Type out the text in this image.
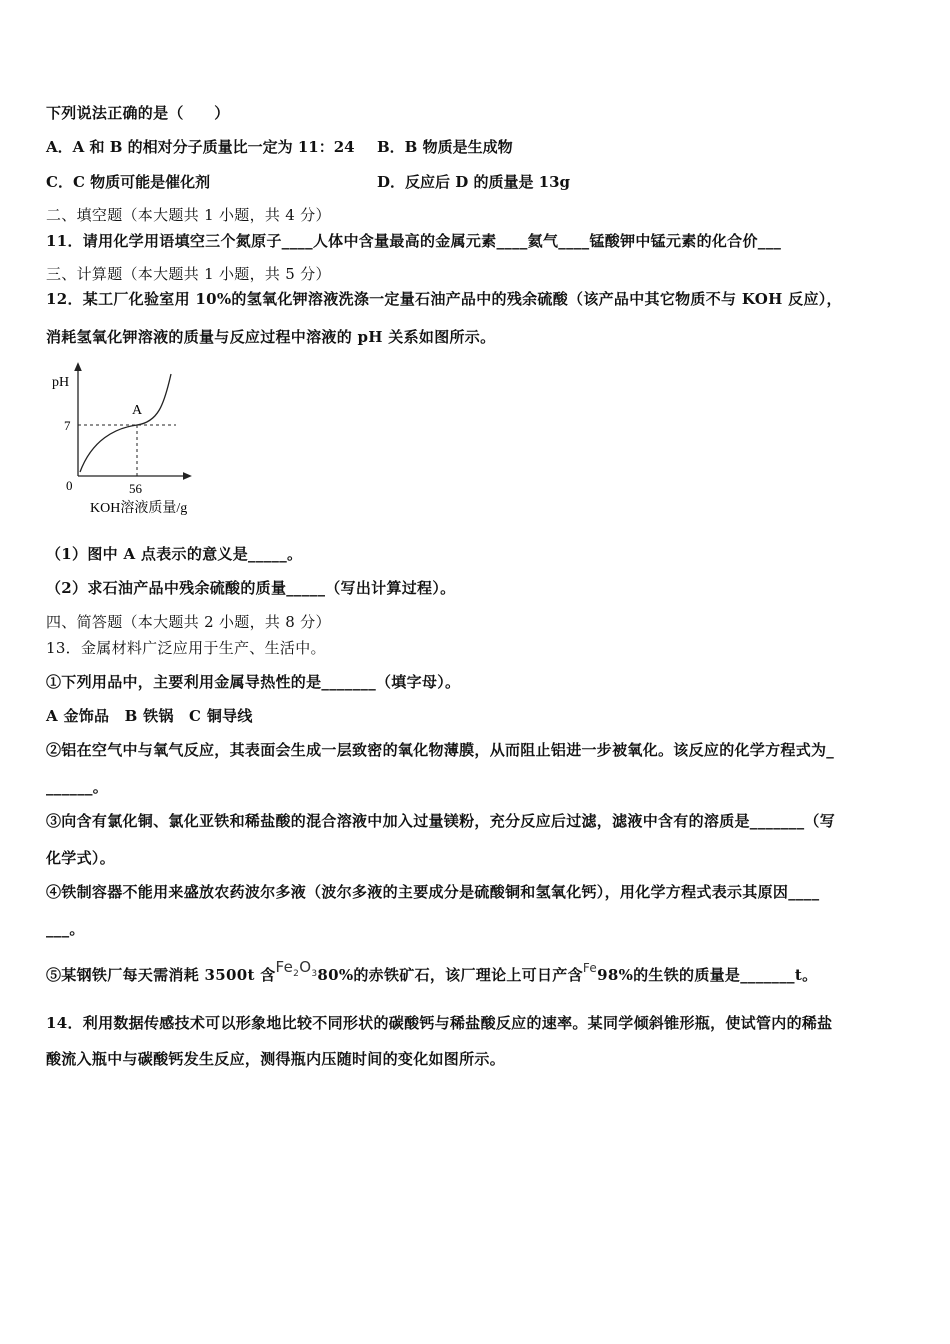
下列说法正确的是（　　）
A．A 和 B 的相对分子质量比一定为 11：24 B．B 物质是生成物
C．C 物质可能是催化剂	D．反应后 D 的质量是 13g
二、填空题（本大题共 1 小题，共 4 分）
11．请用化学用语填空三个氮原子____人体中含量最高的金属元素____氦气____锰酸钾中锰元素的化合价___
三、计算题（本大题共 1 小题，共 5 分）
12．某工厂化验室用 10%的氢氧化钾溶液洗涤一定量石油产品中的残余硫酸（该产品中其它物质不与 KOH 反应），
消耗氢氧化钾溶液的质量与反应过程中溶液的 pH 关系如图所示。
pH
7
0
A
56
KOH溶液质量/g
（1）图中 A 点表示的意义是_____。
（2）求石油产品中残余硫酸的质量_____（写出计算过程）。
四、简答题（本大题共 2 小题，共 8 分）
13．金属材料广泛应用于生产、生活中。
①下列用品中，主要利用金属导热性的是_______（填字母）。
A 金饰品　B 铁锅　C 铜导线
②铝在空气中与氧气反应，其表面会生成一层致密的氧化物薄膜，从而阻止铝进一步被氧化。该反应的化学方程式为_
______。
③向含有氯化铜、氯化亚铁和稀盐酸的混合溶液中加入过量镁粉，充分反应后过滤，滤液中含有的溶质是_______（写
化学式）。
④铁制容器不能用来盛放农药波尔多液（波尔多液的主要成分是硫酸铜和氢氧化钙），用化学方程式表示其原因____
___。
⑤某钢铁厂每天需消耗 3500t 含$Fe_2O_380\%$的赤铁矿石，该厂理论上可日产含$^{Fe}$98%的生铁的质量是_______t。
14．利用数据传感技术可以形象地比较不同形状的碳酸钙与稀盐酸反应的速率。某同学倾斜锥形瓶，使试管内的稀盐
酸流入瓶中与碳酸钙发生反应，测得瓶内压随时间的变化如图所示。
